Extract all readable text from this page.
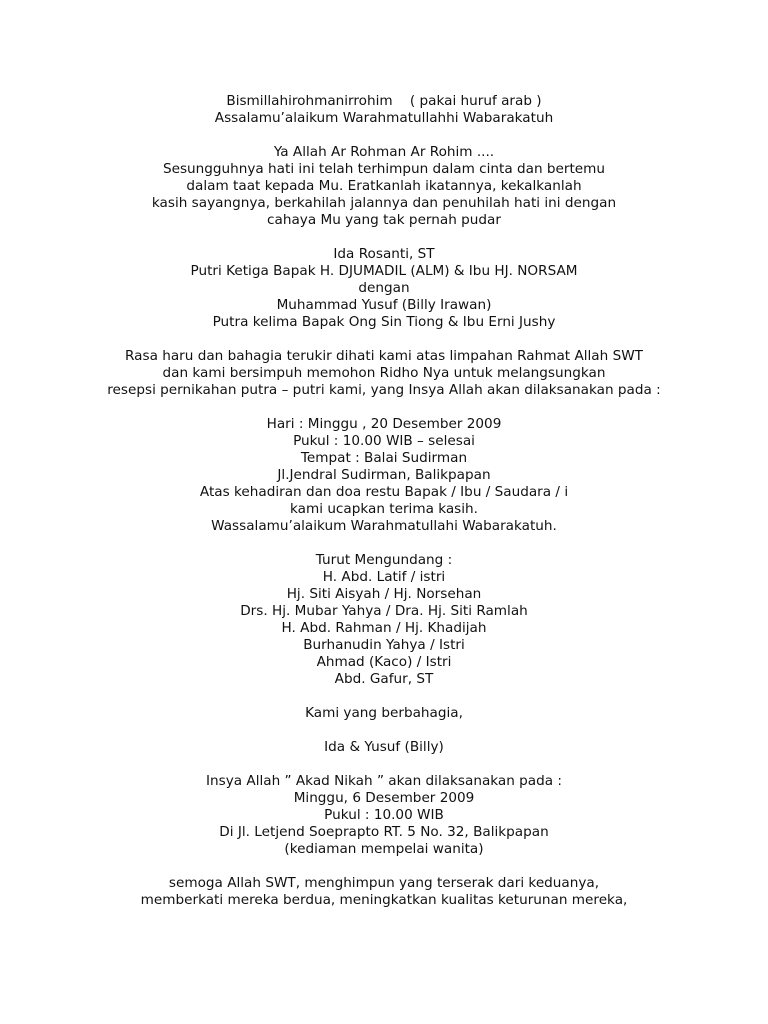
Bismillahirohmanirrohim    ( pakai huruf arab )
Assalamu’alaikum Warahmatullahhi Wabarakatuh
Ya Allah Ar Rohman Ar Rohim ....
Sesungguhnya hati ini telah terhimpun dalam cinta dan bertemu
dalam taat kepada Mu. Eratkanlah ikatannya, kekalkanlah
kasih sayangnya, berkahilah jalannya dan penuhilah hati ini dengan
cahaya Mu yang tak pernah pudar
Ida Rosanti, ST
Putri Ketiga Bapak H. DJUMADIL (ALM) & Ibu HJ. NORSAM
dengan
Muhammad Yusuf (Billy Irawan)
Putra kelima Bapak Ong Sin Tiong & Ibu Erni Jushy
Rasa haru dan bahagia terukir dihati kami atas limpahan Rahmat Allah SWT
dan kami bersimpuh memohon Ridho Nya untuk melangsungkan
resepsi pernikahan putra – putri kami, yang Insya Allah akan dilaksanakan pada :
Hari : Minggu , 20 Desember 2009
Pukul : 10.00 WIB – selesai
Tempat : Balai Sudirman
Jl.Jendral Sudirman, Balikpapan
Atas kehadiran dan doa restu Bapak / Ibu / Saudara / i
kami ucapkan terima kasih.
Wassalamu’alaikum Warahmatullahi Wabarakatuh.
Turut Mengundang :
H. Abd. Latif / istri
Hj. Siti Aisyah / Hj. Norsehan
Drs. Hj. Mubar Yahya / Dra. Hj. Siti Ramlah
H. Abd. Rahman / Hj. Khadijah
Burhanudin Yahya / Istri
Ahmad (Kaco) / Istri
Abd. Gafur, ST
Kami yang berbahagia,
Ida & Yusuf (Billy)
Insya Allah ” Akad Nikah ” akan dilaksanakan pada :
Minggu, 6 Desember 2009
Pukul : 10.00 WIB
Di Jl. Letjend Soeprapto RT. 5 No. 32, Balikpapan
(kediaman mempelai wanita)
semoga Allah SWT, menghimpun yang terserak dari keduanya,
memberkati mereka berdua, meningkatkan kualitas keturunan mereka,
